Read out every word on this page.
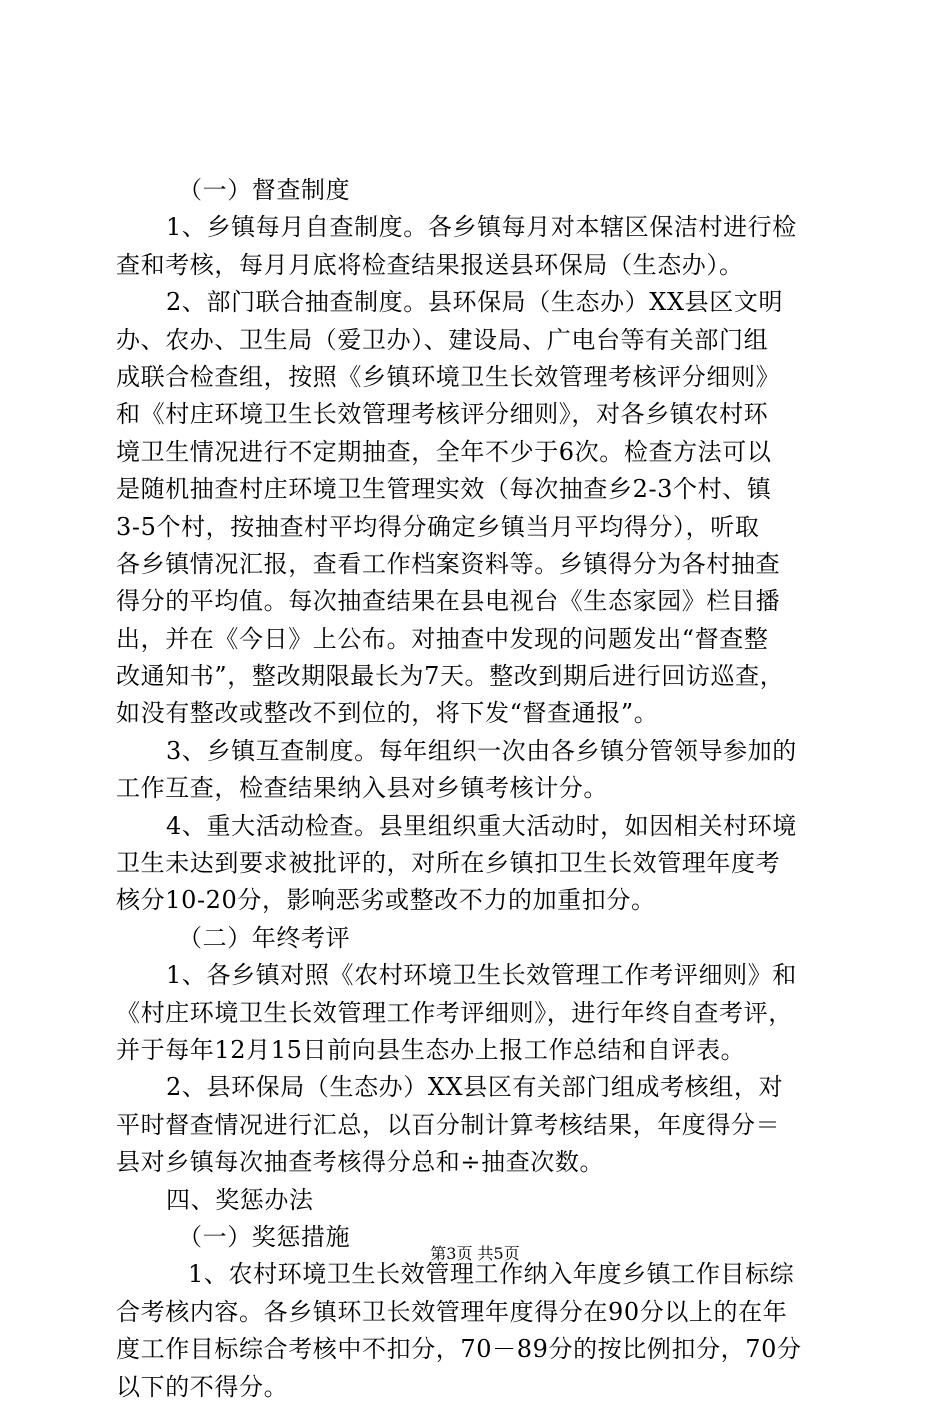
（一）督查制度
1、乡镇每月自查制度。各乡镇每月对本辖区保洁村进行检
查和考核，每月月底将检查结果报送县环保局（生态办）。
2、部门联合抽查制度。县环保局（生态办）XX县区文明
办、农办、卫生局（爱卫办）、建设局、广电台等有关部门组
成联合检查组，按照《乡镇环境卫生长效管理考核评分细则》
和《村庄环境卫生长效管理考核评分细则》，对各乡镇农村环
境卫生情况进行不定期抽查，全年不少于6次。检查方法可以
是随机抽查村庄环境卫生管理实效（每次抽查乡2-3个村、镇
3-5个村，按抽查村平均得分确定乡镇当月平均得分），听取
各乡镇情况汇报，查看工作档案资料等。乡镇得分为各村抽查
得分的平均值。每次抽查结果在县电视台《生态家园》栏目播
出，并在《今日》上公布。对抽查中发现的问题发出“督查整
改通知书”，整改期限最长为7天。整改到期后进行回访巡查，
如没有整改或整改不到位的，将下发“督查通报”。
3、乡镇互查制度。每年组织一次由各乡镇分管领导参加的
工作互查，检查结果纳入县对乡镇考核计分。
4、重大活动检查。县里组织重大活动时，如因相关村环境
卫生未达到要求被批评的，对所在乡镇扣卫生长效管理年度考
核分10-20分，影响恶劣或整改不力的加重扣分。
（二）年终考评
1、各乡镇对照《农村环境卫生长效管理工作考评细则》和
《村庄环境卫生长效管理工作考评细则》，进行年终自查考评，
并于每年12月15日前向县生态办上报工作总结和自评表。
2、县环保局（生态办）XX县区有关部门组成考核组，对
平时督查情况进行汇总，以百分制计算考核结果，年度得分＝
县对乡镇每次抽查考核得分总和÷抽查次数。
四、奖惩办法
（一）奖惩措施
1、农村环境卫生长效管理工作纳入年度乡镇工作目标综
合考核内容。各乡镇环卫长效管理年度得分在90分以上的在年
度工作目标综合考核中不扣分，70－89分的按比例扣分，70分
以下的不得分。
第3页 共5页
